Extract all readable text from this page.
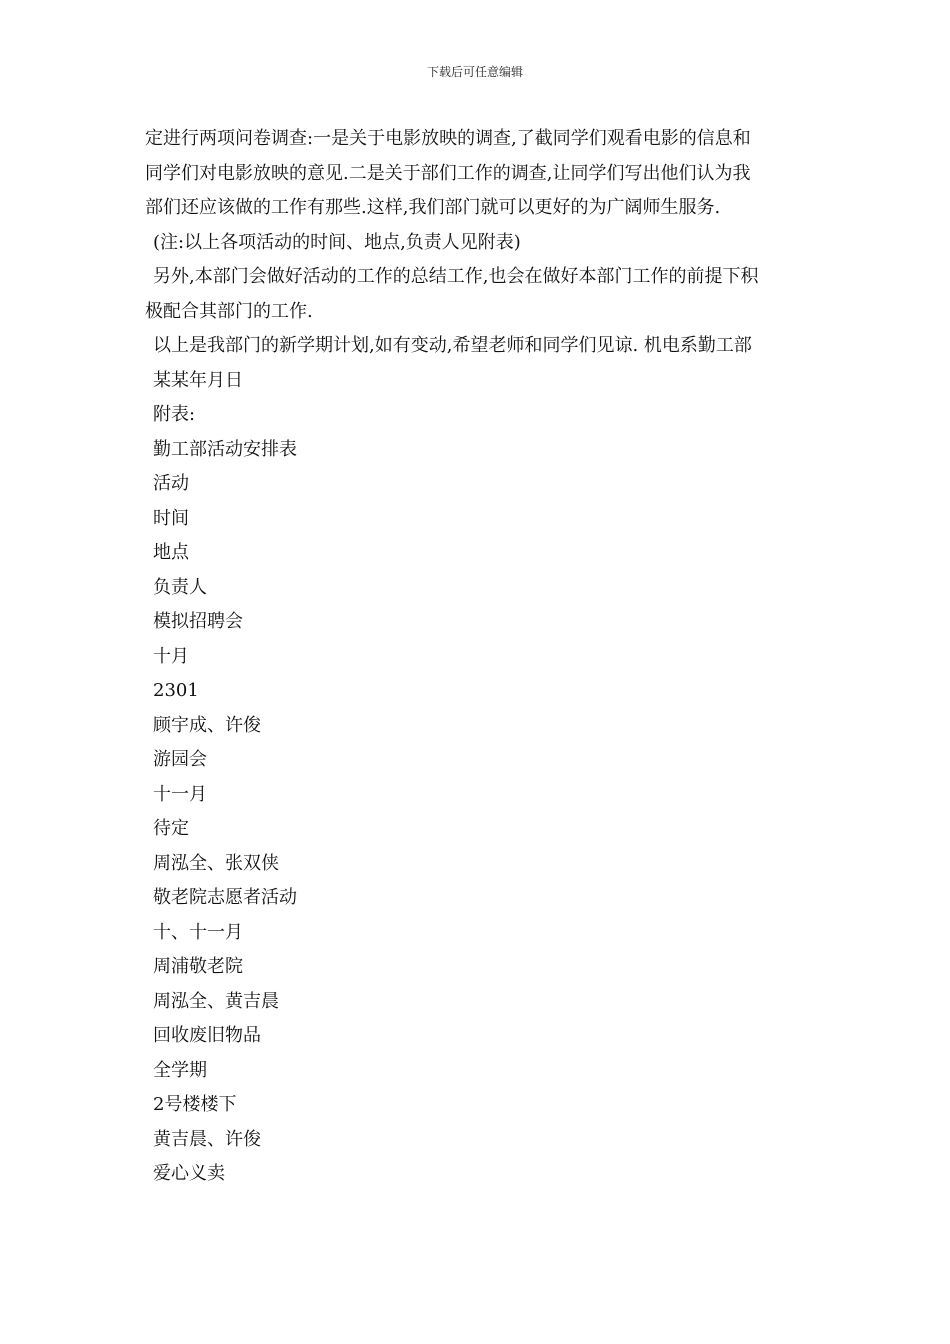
下载后可任意编辑
定进行两项问卷调查:一是关于电影放映的调查,了截同学们观看电影的信息和
同学们对电影放映的意见.二是关于部们工作的调查,让同学们写出他们认为我
部们还应该做的工作有那些.这样,我们部门就可以更好的为广阔师生服务.
(注:以上各项活动的时间、地点,负责人见附表)
另外,本部门会做好活动的工作的总结工作,也会在做好本部门工作的前提下积
极配合其部门的工作.
以上是我部门的新学期计划,如有变动,希望老师和同学们见谅. 机电系勤工部
某某年月日
附表:
勤工部活动安排表
活动
时间
地点
负责人
模拟招聘会
十月
2301
顾宇成、许俊
游园会
十一月
待定
周泓全、张双侠
敬老院志愿者活动
十、十一月
周浦敬老院
周泓全、黄吉晨
回收废旧物品
全学期
2号楼楼下
黄吉晨、许俊
爱心义卖
